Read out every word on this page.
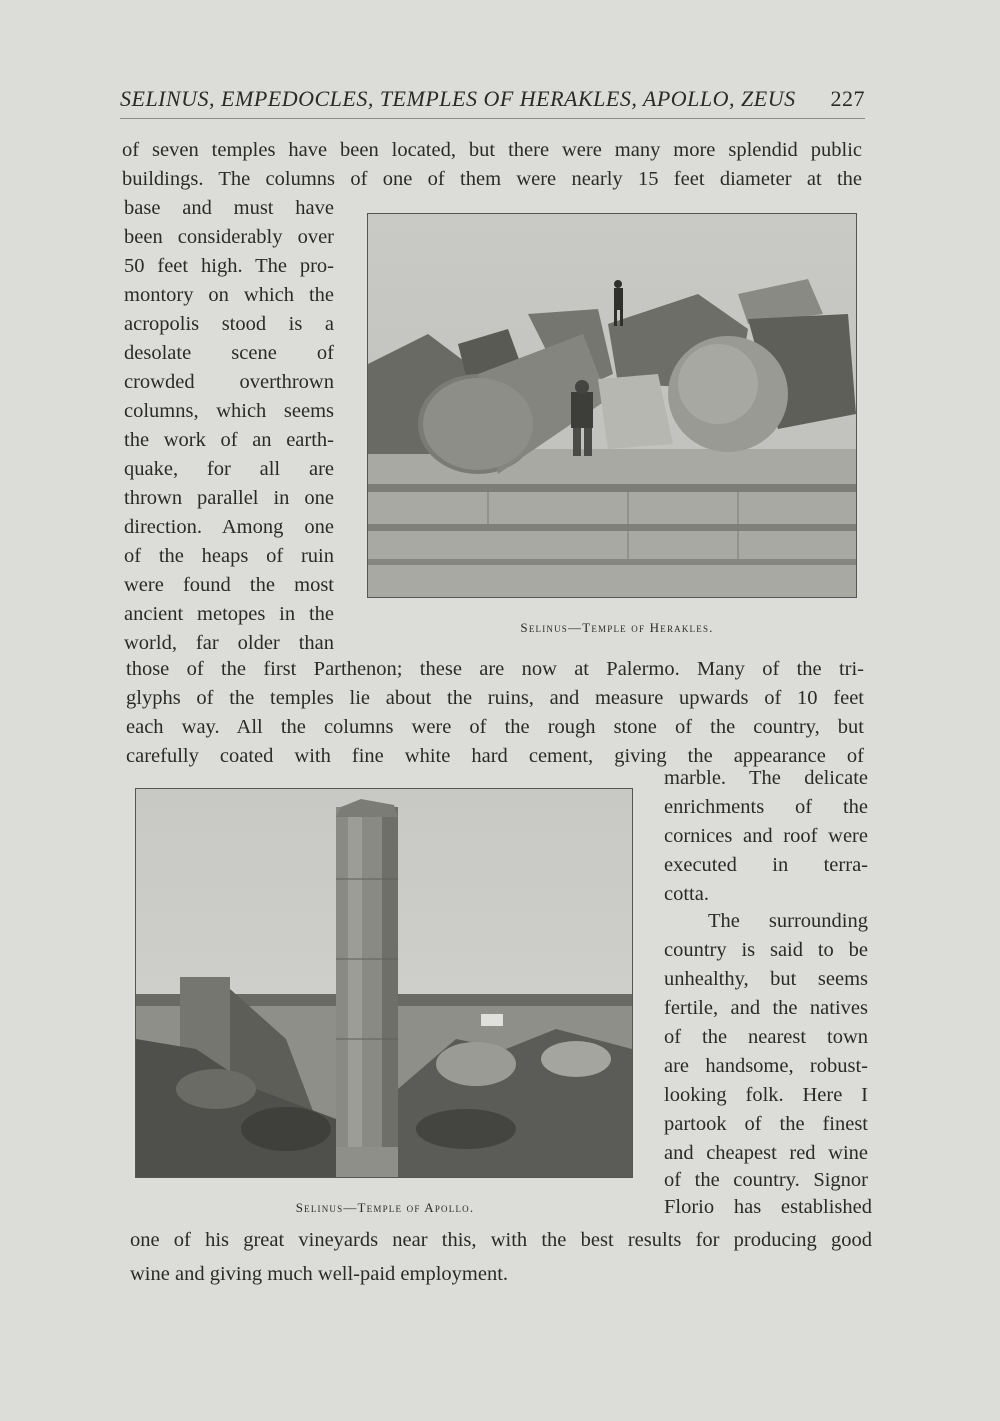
SELINUS, EMPEDOCLES, TEMPLES OF HERAKLES, APOLLO, ZEUS 227
of seven temples have been located, but there were many more splendid public
buildings. The columns of one of them were nearly 15 feet diameter at the
base and must have
been considerably over
50 feet high. The pro-
montory on which the
acropolis stood is a
desolate scene of
crowded overthrown
columns, which seems
the work of an earth-
quake, for all are
thrown parallel in one
direction. Among one
of the heaps of ruin
were found the most
ancient metopes in the
world, far older than
those of the first Parthenon; these are now at Palermo. Many of the tri-
glyphs of the temples lie about the ruins, and measure upwards of 10 feet
each way. All the columns were of the rough stone of the country, but
carefully coated with fine white hard cement, giving the appearance of
marble. The delicate
enrichments of the
cornices and roof were
executed in terra-
cotta.
The surrounding
country is said to be
unhealthy, but seems
fertile, and the natives
of the nearest town
are handsome, robust-
looking folk. Here I
partook of the finest
and cheapest red wine
of the country. Signor
Florio has established
one of his great vineyards near this, with the best results for producing good
wine and giving much well-paid employment.
Selinus—Temple of Herakles.
Selinus—Temple of Apollo.
